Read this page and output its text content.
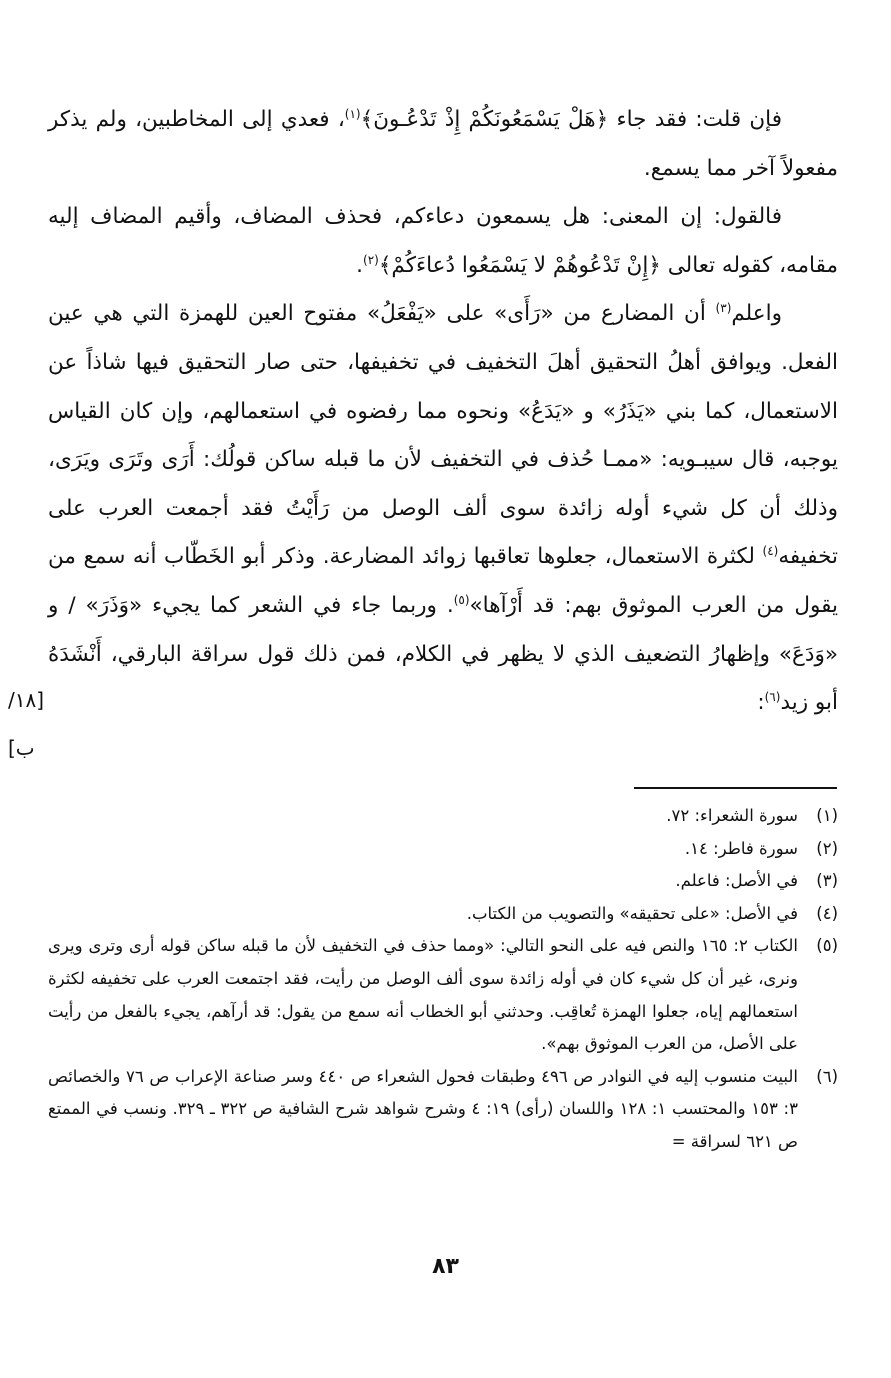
فإن قلت: فقد جاء ﴿هَلْ يَسْمَعُونَكُمْ إِذْ تَدْعُـونَ﴾$^{(١)}$، فعدي إلى المخاطبين، ولم يذكر مفعولاً آخر مما يسمع.

فالقول: إن المعنى: هل يسمعون دعاءكم، فحذف المضاف، وأقيم المضاف إليه مقامه، كقوله تعالى ﴿إِنْ تَدْعُوهُمْ لا يَسْمَعُوا دُعاءَكُمْ﴾$^{(٢)}$.

واعلم$^{(٣)}$ أن المضارع من «رَأَى» على «يَفْعَلُ» مفتوح العين للهمزة التي هي عين الفعل. ويوافق أهلُ التحقيق أهلَ التخفيف في تخفيفها، حتى صار التحقيق فيها شاذاً عن الاستعمال، كما بني «يَذَرُ» و «يَدَعُ» ونحوه مما رفضوه في استعمالهم، وإن كان القياس يوجبه، قال سيبـويه: «ممـا حُذف في التخفيف لأن ما قبله ساكن قولُك: أَرَى وتَرَى ويَرَى، وذلك أن كل شيء أوله زائدة سوى ألف الوصل من رَأَيْتُ فقد أجمعت العرب على تخفيفه$^{(٤)}$ لكثرة الاستعمال، جعلوها تعاقبها زوائد المضارعة. وذكر أبو الخَطّاب أنه سمع من يقول من العرب الموثوق بهم: قد أَرْآها»$^{(٥)}$. وربما جاء في الشعر كما يجيء «وَذَرَ» / و «وَدَعَ» وإظهارُ التضعيف الذي لا يظهر في الكلام، فمن ذلك قول سراقة البارقي، أَنْشَدَهُ أبو زيد$^{(٦)}$:

[١٨/ب]
(١)
سورة الشعراء: ٧٢.
(٢)
سورة فاطر: ١٤.
(٣)
في الأصل: فاعلم.
(٤)
في الأصل: «على تحقيقه» والتصويب من الكتاب.
(٥)
الكتاب ٢: ١٦٥ والنص فيه على النحو التالي: «ومما حذف في التخفيف لأن ما قبله ساكن قوله أرى وترى ويرى ونرى، غير أن كل شيء كان في أوله زائدة سوى ألف الوصل من رأيت، فقد اجتمعت العرب على تخفيفه لكثرة استعمالهم إياه، جعلوا الهمزة تُعاقِب. وحدثني أبو الخطاب أنه سمع من يقول: قد أرآهم، يجيء بالفعل من رأيت على الأصل، من العرب الموثوق بهم».
(٦)
البيت منسوب إليه في النوادر ص ٤٩٦ وطبقات فحول الشعراء ص ٤٤٠ وسر صناعة الإعراب ص ٧٦ والخصائص ٣: ١٥٣ والمحتسب ١: ١٢٨ واللسان (رأى) ١٩: ٤ وشرح شواهد شرح الشافية ص ٣٢٢ ـ ٣٢٩. ونسب في الممتع ص ٦٢١ لسراقة =
٨٣
